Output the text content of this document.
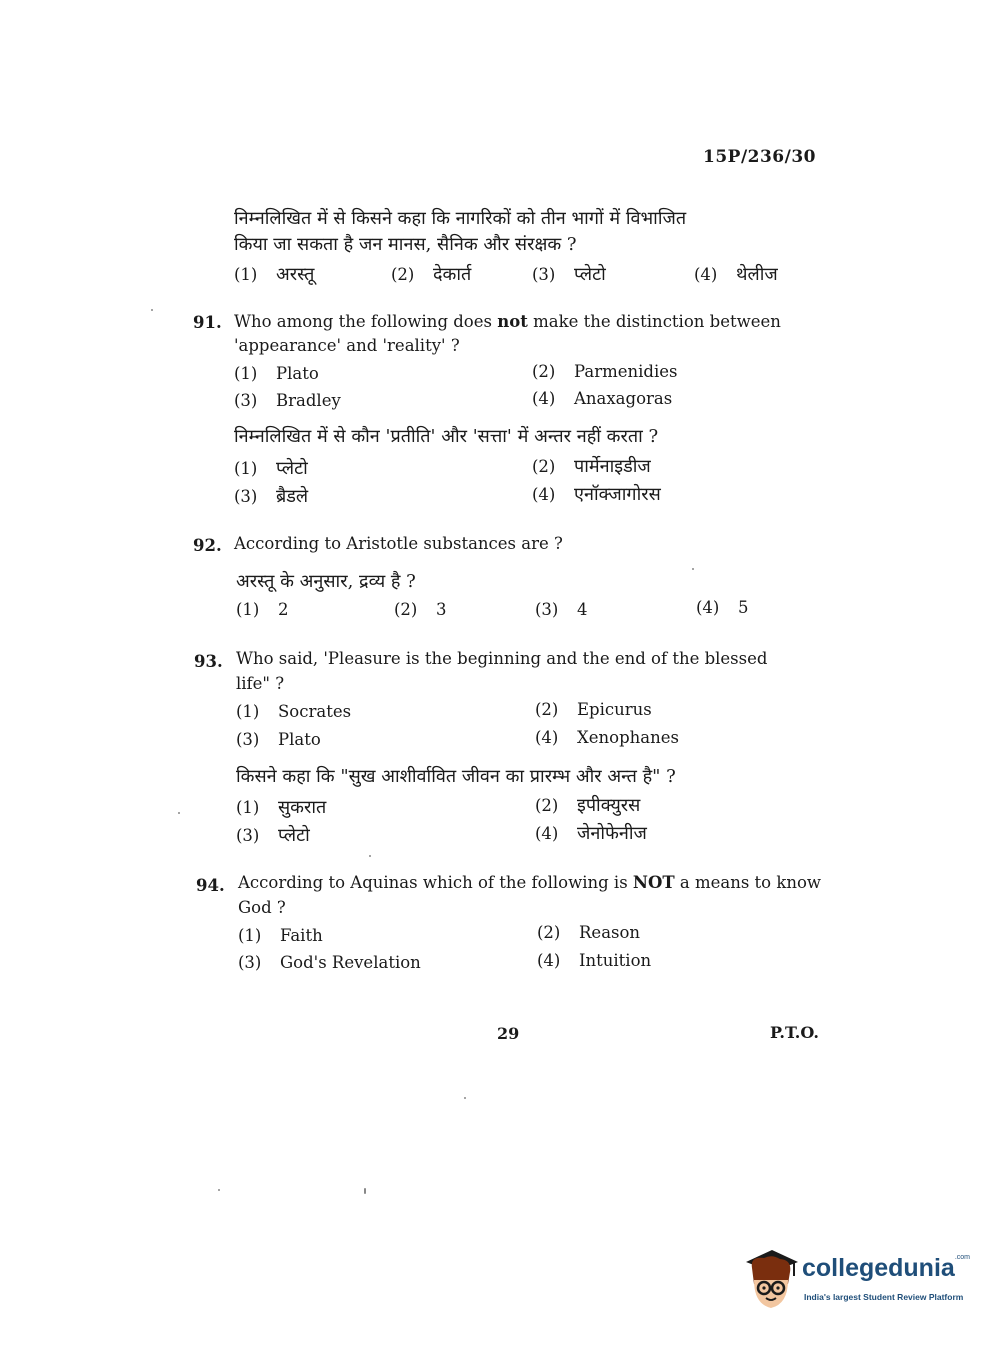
15P/236/30
निम्नलिखित में से किसने कहा कि नागरिकों को तीन भागों में विभाजित
किया जा सकता है जन मानस, सैनिक और संरक्षक ?
(1) अरस्तू	(2) देकार्त	(3) प्लेटो	(4) थेलीज
91. Who among the following does not make the distinction between
'appearance' and 'reality' ?
(1) Plato	(2) Parmenidies
(3) Bradley	(4) Anaxagoras
निम्नलिखित में से कौन 'प्रतीति' और 'सत्ता' में अन्तर नहीं करता ?
(1) प्लेटो	(2) पार्मेनाइडीज
(3) ब्रैडले	(4) एनॉक्जागोरस
92. According to Aristotle substances are ?
अरस्तू के अनुसार, द्रव्य है ?
(1) 2	(2) 3	(3) 4	(4) 5
93. Who said, 'Pleasure is the beginning and the end of the blessed
life" ?
(1) Socrates	(2) Epicurus
(3) Plato	(4) Xenophanes
किसने कहा कि "सुख आशीर्वावित जीवन का प्रारम्भ और अन्त है" ?
(1) सुकरात	(2) इपीक्युरस
(3) प्लेटो	(4) जेनोफेनीज
94. According to Aquinas which of the following is NOT a means to know
God ?
(1) Faith	(2) Reason
(3) God's Revelation	(4) Intuition
29	P.T.O.
collegedunia$^{.com}$
India's largest Student Review Platform
